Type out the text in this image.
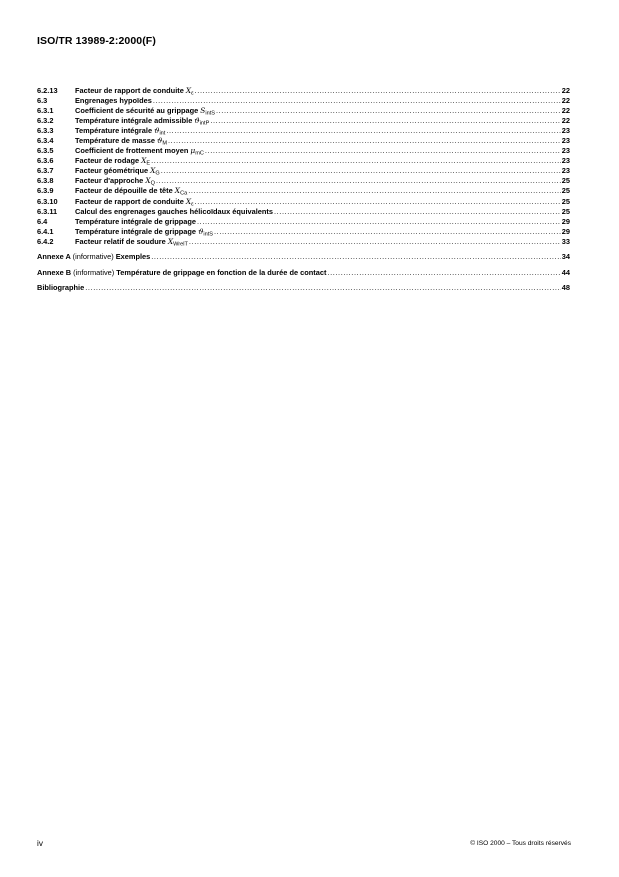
ISO/TR 13989-2:2000(F)
6.2.13	Facteur de rapport de conduite $X_\varepsilon$ .....	22
6.3	Engrenages hypoïdes .....	22
6.3.1	Coefficient de sécurité au grippage $S_{intS}$ .....	22
6.3.2	Température intégrale admissible $ϑ_{intP}$ .....	22
6.3.3	Température intégrale $ϑ_{int}$ .....	23
6.3.4	Température de masse $ϑ_M$ .....	23
6.3.5	Coefficient de frottement moyen $\mu_{mC}$ .....	23
6.3.6	Facteur de rodage $X_E$ .....	23
6.3.7	Facteur géométrique $X_G$ .....	23
6.3.8	Facteur d'approche $X_Q$ .....	25
6.3.9	Facteur de dépouille de tête $X_{Ca}$ .....	25
6.3.10	Facteur de rapport de conduite $X_\varepsilon$ .....	25
6.3.11	Calcul des engrenages gauches hélicoïdaux équivalents .....	25
6.4	Température intégrale de grippage .....	29
6.4.1	Température intégrale de grippage $ϑ_{intS}$ .....	29
6.4.2	Facteur relatif de soudure $X_{WrelT}$ .....	33
Annexe A (informative) Exemples .....	34
Annexe B (informative) Température de grippage en fonction de la durée de contact .....	44
Bibliographie .....	48
iv	© ISO 2000 – Tous droits réservés
